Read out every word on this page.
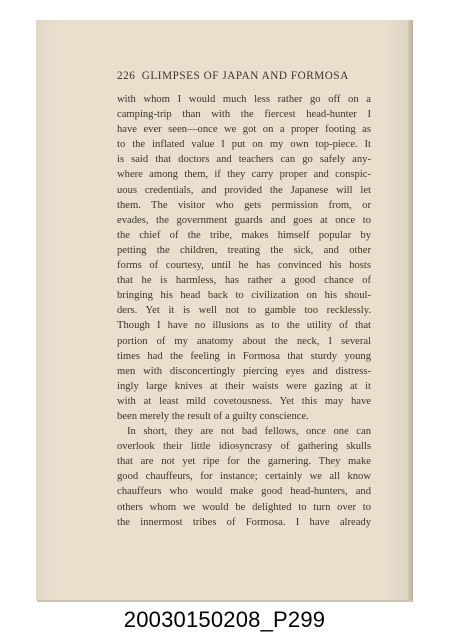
226 GLIMPSES OF JAPAN AND FORMOSA
with whom I would much less rather go off on a
camping-trip than with the fiercest head-hunter I
have ever seen—once we got on a proper footing as
to the inflated value I put on my own top-piece. It
is said that doctors and teachers can go safely any-
where among them, if they carry proper and conspic-
uous credentials, and provided the Japanese will let
them. The visitor who gets permission from, or
evades, the government guards and goes at once to
the chief of the tribe, makes himself popular by
petting the children, treating the sick, and other
forms of courtesy, until he has convinced his hosts
that he is harmless, has rather a good chance of
bringing his head back to civilization on his shoul-
ders. Yet it is well not to gamble too recklessly.
Though I have no illusions as to the utility of that
portion of my anatomy about the neck, I several
times had the feeling in Formosa that sturdy young
men with disconcertingly piercing eyes and distress-
ingly large knives at their waists were gazing at it
with at least mild covetousness. Yet this may have
been merely the result of a guilty conscience.
In short, they are not bad fellows, once one can
overlook their little idiosyncrasy of gathering skulls
that are not yet ripe for the garnering. They make
good chauffeurs, for instance; certainly we all know
chauffeurs who would make good head-hunters, and
others whom we would be delighted to turn over to
the innermost tribes of Formosa. I have already
20030150208_P299
